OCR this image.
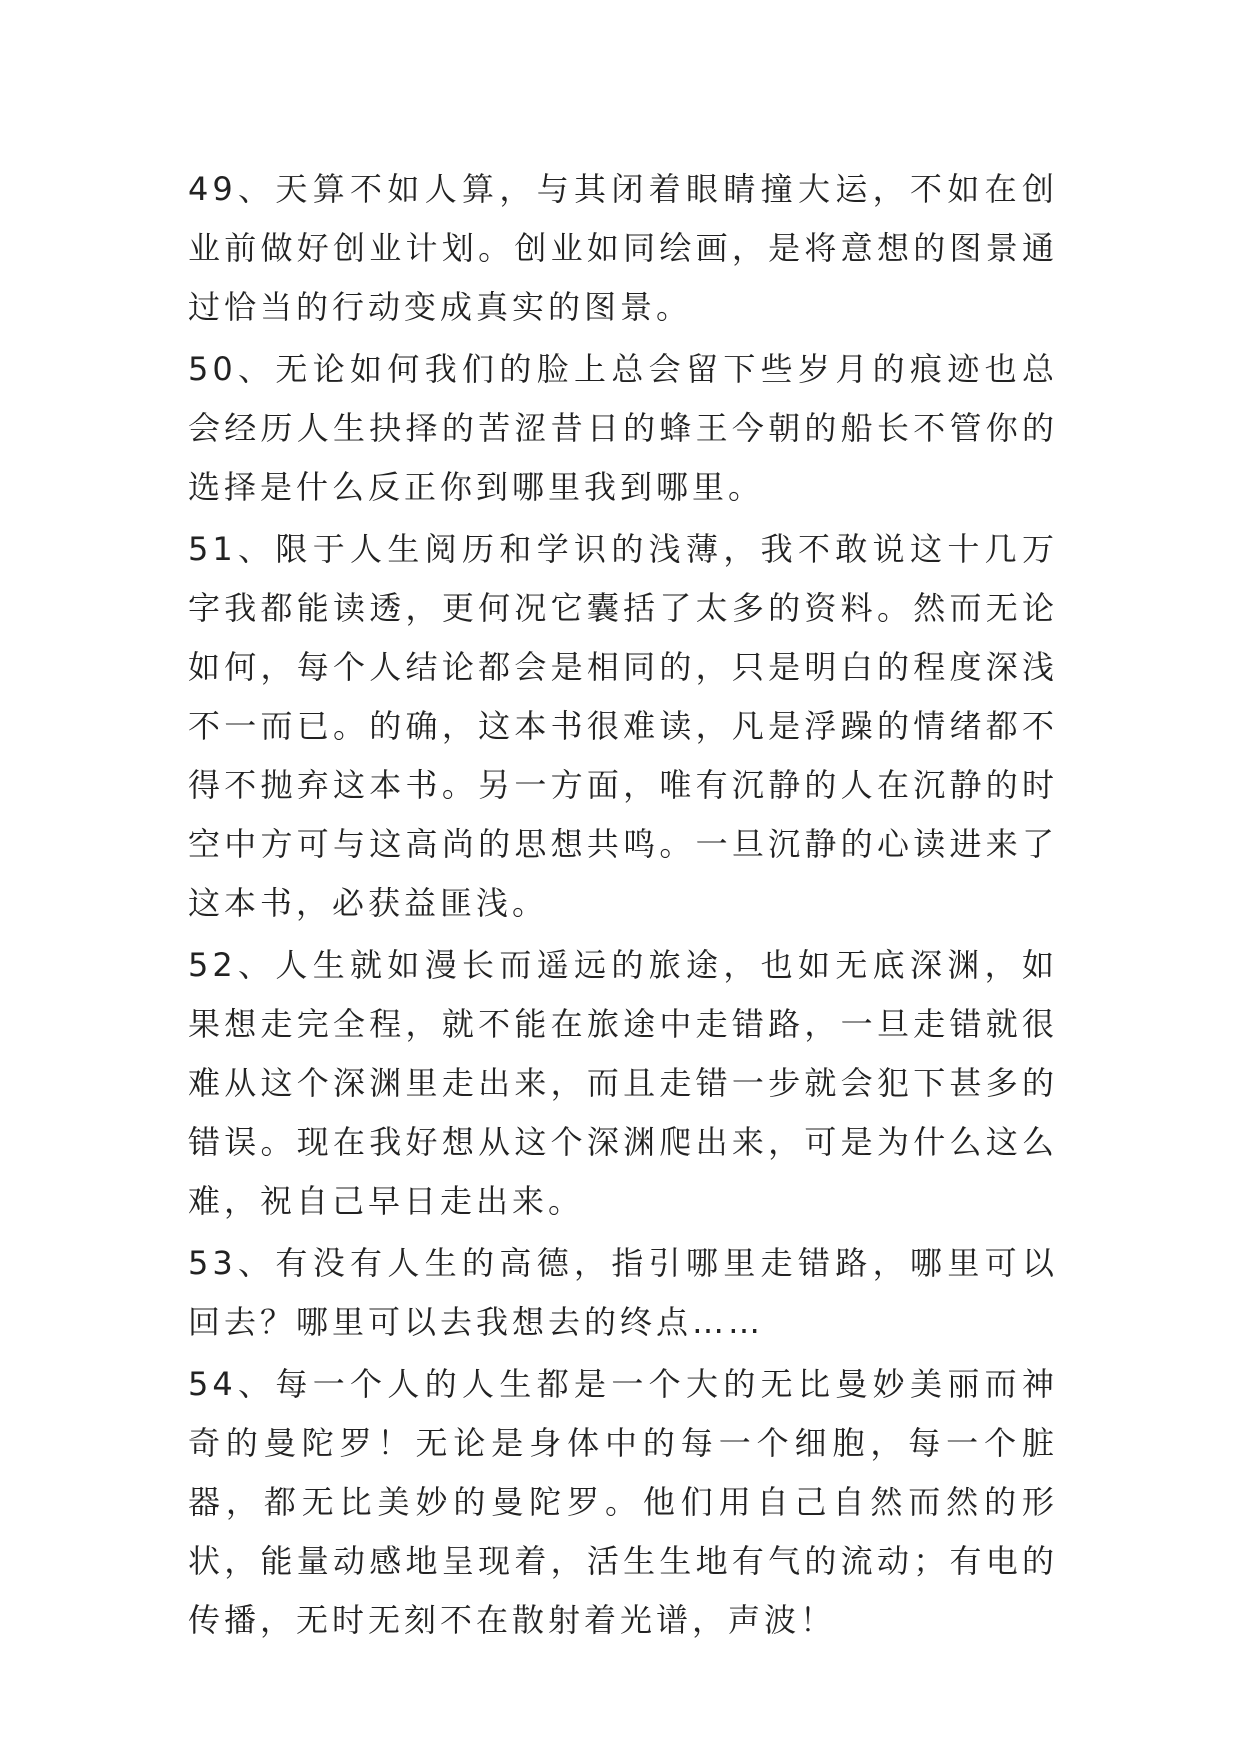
49、天算不如人算，与其闭着眼睛撞大运，不如在创业前做好创业计划。创业如同绘画，是将意想的图景通过恰当的行动变成真实的图景。

50、无论如何我们的脸上总会留下些岁月的痕迹也总会经历人生抉择的苦涩昔日的蜂王今朝的船长不管你的选择是什么反正你到哪里我到哪里。

51、限于人生阅历和学识的浅薄，我不敢说这十几万字我都能读透，更何况它囊括了太多的资料。然而无论如何，每个人结论都会是相同的，只是明白的程度深浅不一而已。的确，这本书很难读，凡是浮躁的情绪都不得不抛弃这本书。另一方面，唯有沉静的人在沉静的时空中方可与这高尚的思想共鸣。一旦沉静的心读进来了这本书，必获益匪浅。

52、人生就如漫长而遥远的旅途，也如无底深渊，如果想走完全程，就不能在旅途中走错路，一旦走错就很难从这个深渊里走出来，而且走错一步就会犯下甚多的错误。现在我好想从这个深渊爬出来，可是为什么这么难，祝自己早日走出来。

53、有没有人生的高德，指引哪里走错路，哪里可以回去？哪里可以去我想去的终点……

54、每一个人的人生都是一个大的无比曼妙美丽而神奇的曼陀罗！无论是身体中的每一个细胞，每一个脏器，都无比美妙的曼陀罗。他们用自己自然而然的形状，能量动感地呈现着，活生生地有气的流动；有电的传播，无时无刻不在散射着光谱，声波！
